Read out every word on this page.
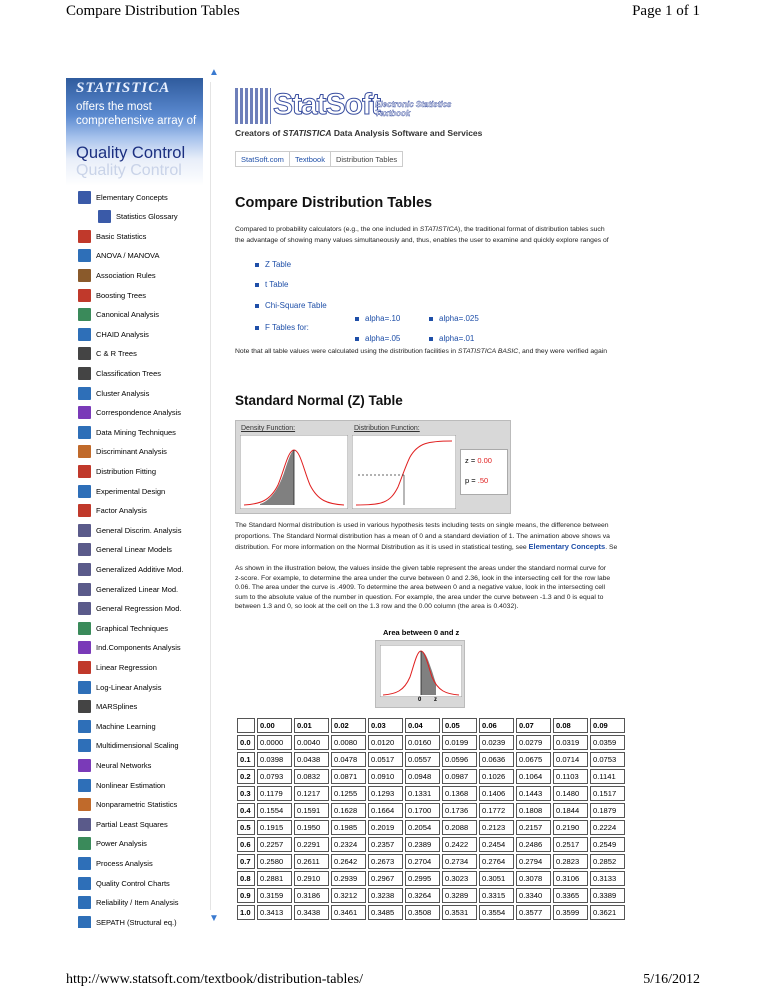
Compare Distribution Tables	Page 1 of 1
STATISTICA
offers the most
comprehensive array of
Quality Control
Quality Control
▲
▼
Elementary Concepts
Statistics Glossary
Basic Statistics
ANOVA / MANOVA
Association Rules
Boosting Trees
Canonical Analysis
CHAID Analysis
C & R Trees
Classification Trees
Cluster Analysis
Correspondence Analysis
Data Mining Techniques
Discriminant Analysis
Distribution Fitting
Experimental Design
Factor Analysis
General Discrim. Analysis
General Linear Models
Generalized Additive Mod.
Generalized Linear Mod.
General Regression Mod.
Graphical Techniques
Ind.Components Analysis
Linear Regression
Log-Linear Analysis
MARSplines
Machine Learning
Multidimensional Scaling
Neural Networks
Nonlinear Estimation
Nonparametric Statistics
Partial Least Squares
Power Analysis
Process Analysis
Quality Control Charts
Reliability / Item Analysis
SEPATH (Structural eq.)
StatSoft
Electronic Statistics Textbook
Creators of STATISTICA Data Analysis Software and Services
StatSoft.com	Textbook	Distribution Tables
Compare Distribution Tables
Compared to probability calculators (e.g., the one included in STATISTICA), the traditional format of distribution tables such
the advantage of showing many values simultaneously and, thus, enables the user to examine and quickly explore ranges of
Z Table
t Table
Chi-Square Table
F Tables for:
alpha=.10	alpha=.025
alpha=.05	alpha=.01
Note that all table values were calculated using the distribution facilities in STATISTICA BASIC, and they were verified again
Standard Normal (Z) Table
Density Function:	Distribution Function:
z = 0.00
p = .50
The Standard Normal distribution is used in various hypothesis tests including tests on single means, the difference between
proportions. The Standard Normal distribution has a mean of 0 and a standard deviation of 1. The animation above shows va
distribution. For more information on the Normal Distribution as it is used in statistical testing, see Elementary Concepts. Se
As shown in the illustration below, the values inside the given table represent the areas under the standard normal curve for
z-score. For example, to determine the area under the curve between 0 and 2.36, look in the intersecting cell for the row labe
0.06. The area under the curve is .4909. To determine the area between 0 and a negative value, look in the intersecting cell
sum to the absolute value of the number in question. For example, the area under the curve between -1.3 and 0 is equal to
between 1.3 and 0, so look at the cell on the 1.3 row and the 0.00 column (the area is 0.4032).
Area between 0 and z
0 z
	0.00	0.01	0.02	0.03	0.04	0.05	0.06	0.07	0.08	0.09
0.0	0.0000	0.0040	0.0080	0.0120	0.0160	0.0199	0.0239	0.0279	0.0319	0.0359
0.1	0.0398	0.0438	0.0478	0.0517	0.0557	0.0596	0.0636	0.0675	0.0714	0.0753
0.2	0.0793	0.0832	0.0871	0.0910	0.0948	0.0987	0.1026	0.1064	0.1103	0.1141
0.3	0.1179	0.1217	0.1255	0.1293	0.1331	0.1368	0.1406	0.1443	0.1480	0.1517
0.4	0.1554	0.1591	0.1628	0.1664	0.1700	0.1736	0.1772	0.1808	0.1844	0.1879
0.5	0.1915	0.1950	0.1985	0.2019	0.2054	0.2088	0.2123	0.2157	0.2190	0.2224
0.6	0.2257	0.2291	0.2324	0.2357	0.2389	0.2422	0.2454	0.2486	0.2517	0.2549
0.7	0.2580	0.2611	0.2642	0.2673	0.2704	0.2734	0.2764	0.2794	0.2823	0.2852
0.8	0.2881	0.2910	0.2939	0.2967	0.2995	0.3023	0.3051	0.3078	0.3106	0.3133
0.9	0.3159	0.3186	0.3212	0.3238	0.3264	0.3289	0.3315	0.3340	0.3365	0.3389
1.0	0.3413	0.3438	0.3461	0.3485	0.3508	0.3531	0.3554	0.3577	0.3599	0.3621
http://www.statsoft.com/textbook/distribution-tables/	5/16/2012
